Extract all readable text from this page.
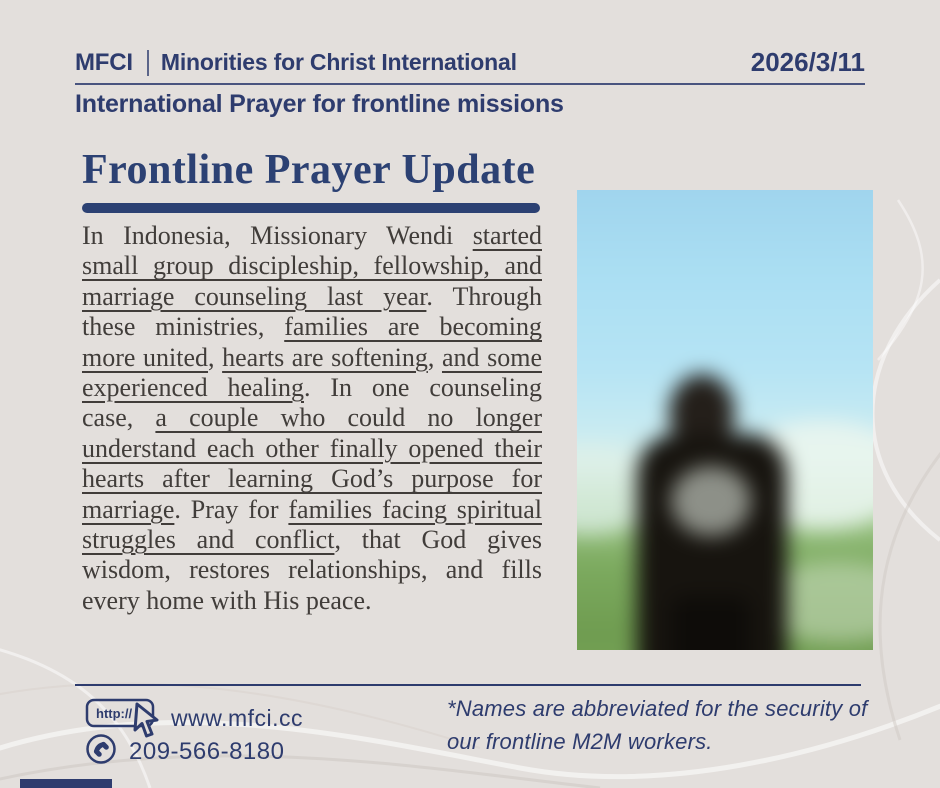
MFCI Minorities for Christ International	2026/3/11
International Prayer for frontline missions
Frontline Prayer Update

In Indonesia, Missionary Wendi started small group discipleship, fellowship, and marriage counseling last year. Through these ministries, families are becoming more united, hearts are softening, and some experienced healing. In one counseling case, a couple who could no longer understand each other finally opened their hearts after learning God’s purpose for marriage. Pray for families facing spiritual struggles and conflict, that God gives wisdom, restores relationships, and fills every home with His peace.

http:// www.mfci.cc
209-566-8180
*Names are abbreviated for the security of
our frontline M2M workers.
